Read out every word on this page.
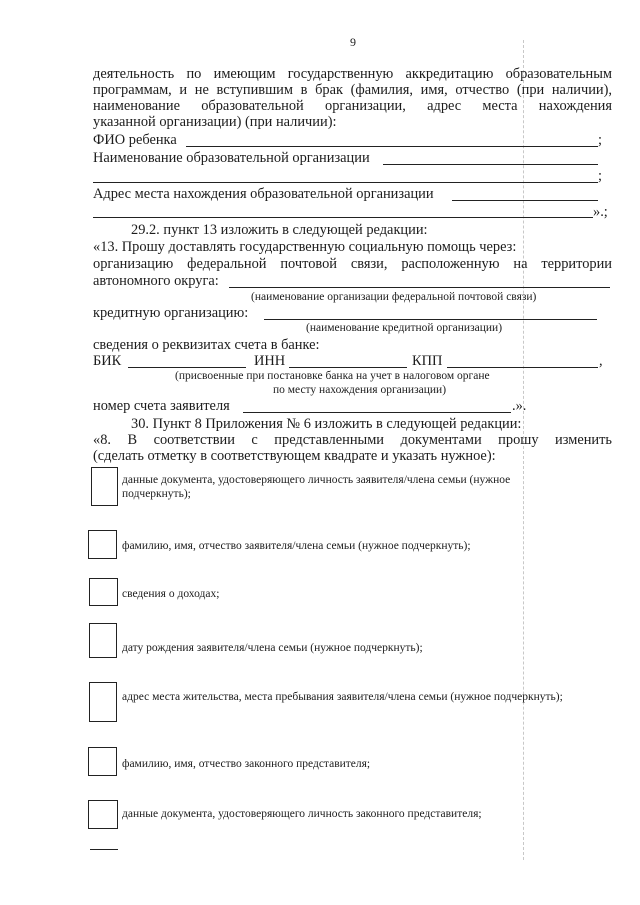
9
деятельность по имеющим государственную аккредитацию образовательным
программам, и не вступившим в брак (фамилия, имя, отчество (при наличии),
наименование образовательной организации, адрес места нахождения
указанной организации) (при наличии):
ФИО ребенка	;
Наименование образовательной организации
;
Адрес места нахождения образовательной организации
».;
29.2. пункт 13 изложить в следующей редакции:
«13. Прошу доставлять государственную социальную помощь через:
организацию федеральной почтовой связи, расположенную на территории
автономного округа:
(наименование организации федеральной почтовой связи)
кредитную организацию:
(наименование кредитной организации)
сведения о реквизитах счета в банке:
БИК	ИНН	КПП	,
(присвоенные при постановке банка на учет в налоговом органе
по месту нахождения организации)
номер счета заявителя	.».
30. Пункт 8 Приложения № 6 изложить в следующей редакции:
«8. В соответствии с представленными документами прошу изменить
(сделать отметку в соответствующем квадрате и указать нужное):
данные документа, удостоверяющего личность заявителя/члена семьи (нужное подчеркнуть);
фамилию, имя, отчество заявителя/члена семьи (нужное подчеркнуть);
сведения о доходах;
дату рождения заявителя/члена семьи (нужное подчеркнуть);
адрес места жительства, места пребывания заявителя/члена семьи (нужное подчеркнуть);
фамилию, имя, отчество законного представителя;
данные документа, удостоверяющего личность законного представителя;
